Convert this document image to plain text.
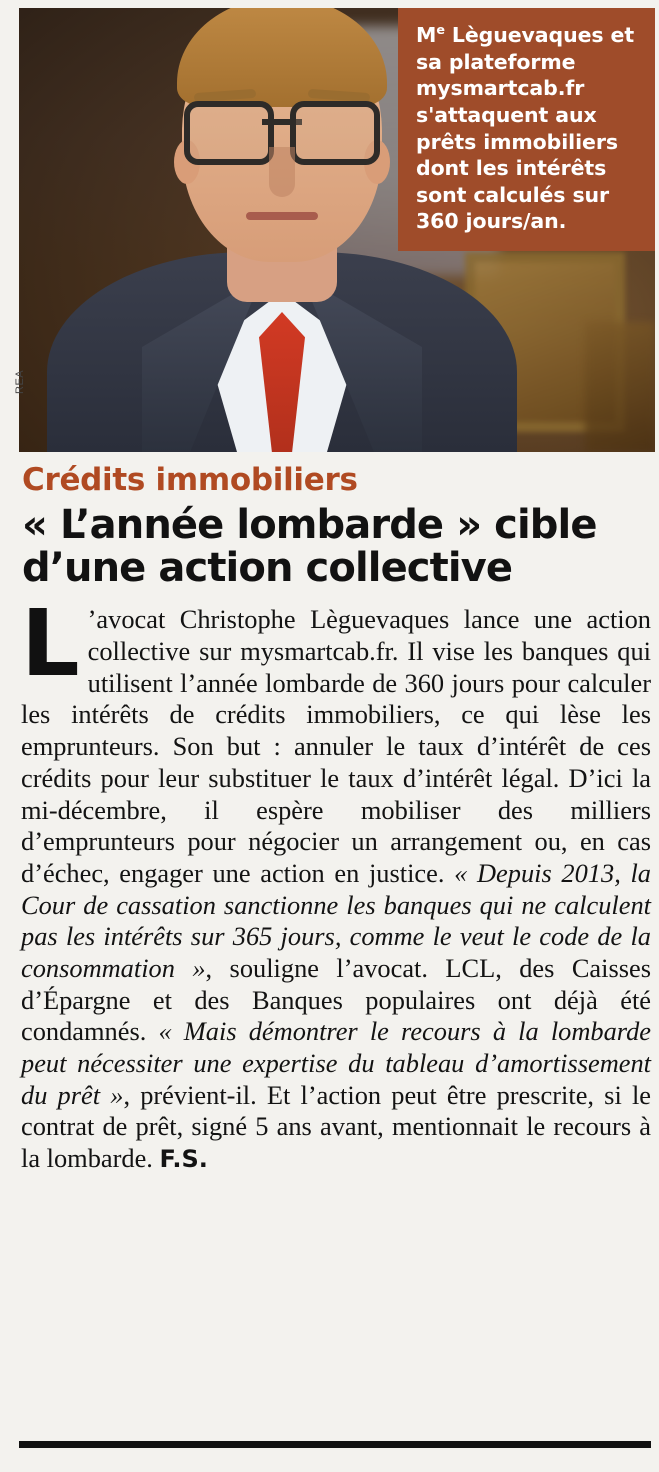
Me Lèguevaques et sa plateforme mysmartcab.fr s'attaquent aux prêts immobiliers dont les intérêts sont calculés sur 360 jours/an.
REA
Crédits immobiliers
« L’année lombarde » cible d’une action collective
L ’avocat Christophe Lèguevaques lance une action collective sur mysmartcab.fr. Il vise les banques qui utilisent l’année lombarde de 360 jours pour calculer les intérêts de crédits immobiliers, ce qui lèse les emprunteurs. Son but : annuler le taux d’intérêt de ces crédits pour leur substituer le taux d’intérêt légal. D’ici la mi-décembre, il espère mobiliser des milliers d’emprunteurs pour négocier un arrangement ou, en cas d’échec, engager une action en justice. « Depuis 2013, la Cour de cassation sanctionne les banques qui ne calculent pas les intérêts sur 365 jours, comme le veut le code de la consommation », souligne l’avocat. LCL, des Caisses d’Épargne et des Banques populaires ont déjà été condamnés. « Mais démontrer le recours à la lombarde peut nécessiter une expertise du tableau d’amortissement du prêt », prévient-il. Et l’action peut être prescrite, si le contrat de prêt, signé 5 ans avant, mentionnait le recours à la lombarde. F.S.
